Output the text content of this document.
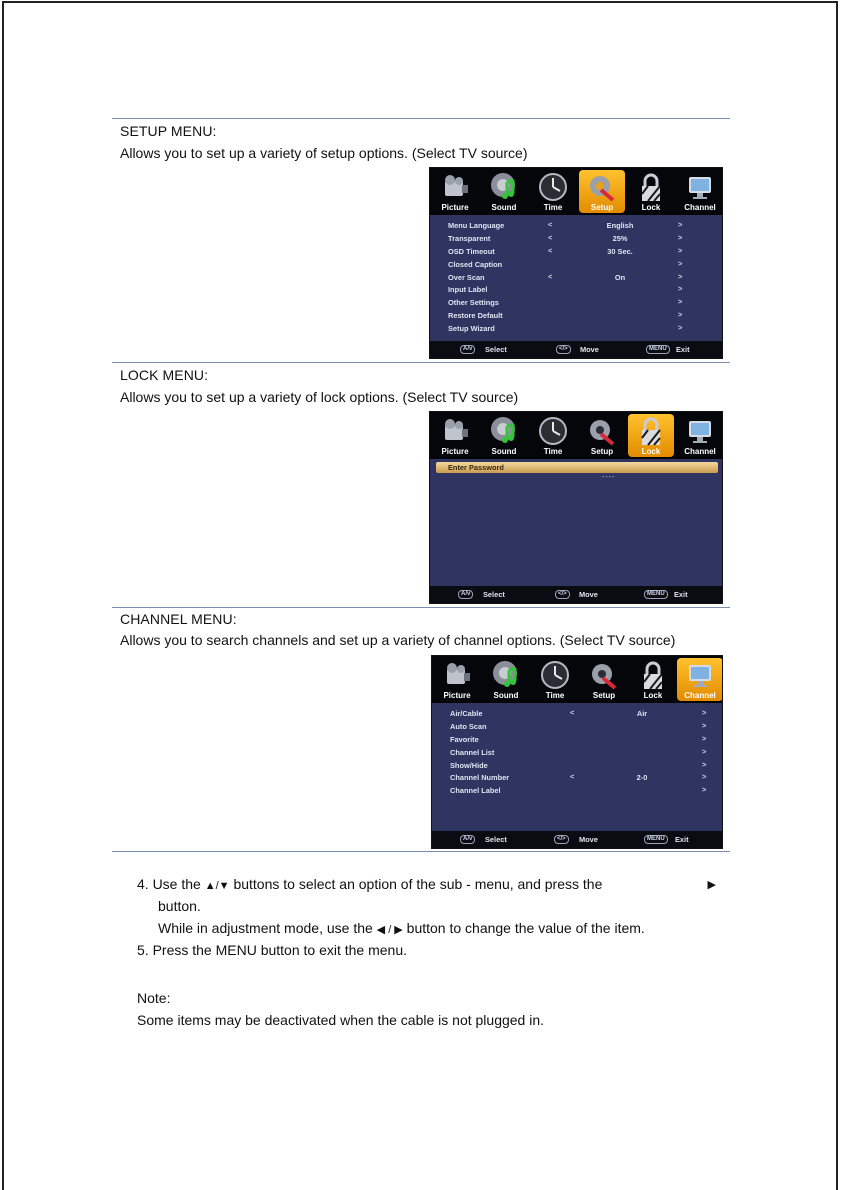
SETUP MENU:
Allows you to set up a variety of setup options. (Select TV source)
Picture	Sound	Time	Setup	Lock	Channel
Menu Language	<	English	>
Transparent	<	25%	>
OSD Timeout	<	30 Sec.	>
Closed Caption	>
Over Scan	<	On	>
Input Label	>
Other Settings	>
Restore Default	>
Setup Wizard	>
A/v	Select	</>	Move	MENU	Exit
LOCK MENU:
Allows you to set up a variety of lock options. (Select TV source)
Picture	Sound	Time	Setup	Lock	Channel
Enter Password
----
A/v	Select	</>	Move	MENU	Exit
CHANNEL MENU:
Allows you to search channels and set up a variety of channel options. (Select TV source)
Picture	Sound	Time	Setup	Lock	Channel
Air/Cable	<	Air	>
Auto Scan	>
Favorite	>
Channel List	>
Show/Hide	>
Channel Number	<	2-0	>
Channel Label	>
A/v	Select	</>	Move	MENU	Exit
4. Use the ▲/▼ buttons to select an option of the sub - menu, and press the	▶
button.
While in adjustment mode, use the ◀ / ▶ button to change the value of the item.
5. Press the MENU button to exit the menu.
Note:
Some items may be deactivated when the cable is not plugged in.
